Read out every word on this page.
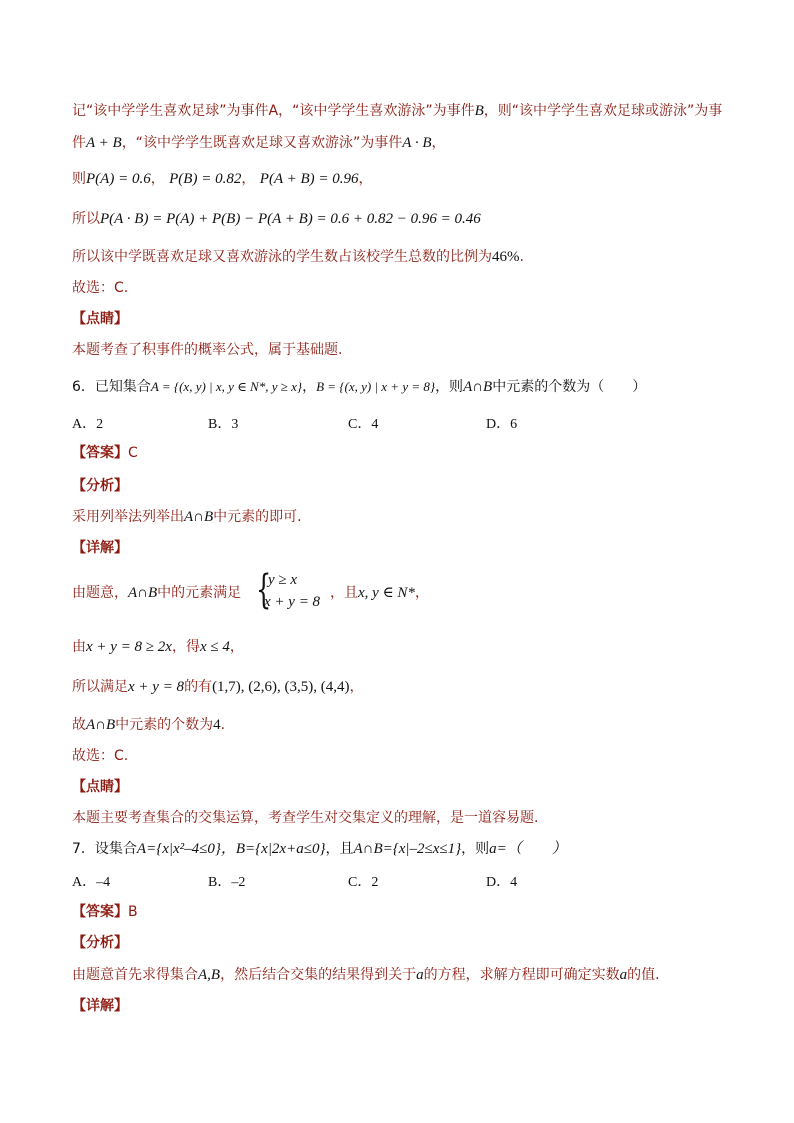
记“该中学学生喜欢足球”为事件A，“该中学学生喜欢游泳”为事件B，则“该中学学生喜欢足球或游泳”为事
件A + B，“该中学学生既喜欢足球又喜欢游泳”为事件A · B，
则P(A) = 0.6， P(B) = 0.82， P(A + B) = 0.96，
所以P(A · B) = P(A) + P(B) − P(A + B) = 0.6 + 0.82 − 0.96 = 0.46
所以该中学既喜欢足球又喜欢游泳的学生数占该校学生总数的比例为46%.
故选：C.
【点睛】
本题考查了积事件的概率公式，属于基础题.
6．已知集合A = {(x, y) | x, y ∈ N*, y ≥ x}，B = {(x, y) | x + y = 8}，则A∩B中元素的个数为（　　）
A．2	B．3	C．4	D．6
【答案】C
【分析】
采用列举法列举出A∩B中元素的即可.
【详解】
由题意，A∩B中的元素满足 {
y ≥ x
x + y = 8
，且x, y ∈ N*，
由x + y = 8 ≥ 2x，得x ≤ 4，
所以满足x + y = 8的有(1,7), (2,6), (3,5), (4,4)，
故A∩B中元素的个数为4.
故选：C.
【点睛】
本题主要考查集合的交集运算，考查学生对交集定义的理解，是一道容易题.
7．设集合A={x|x²–4≤0}，B={x|2x+a≤0}，且A∩B={x|–2≤x≤1}，则a=（　　）
A．–4	B．–2	C．2	D．4
【答案】B
【分析】
由题意首先求得集合A,B，然后结合交集的结果得到关于a的方程，求解方程即可确定实数a的值.
【详解】
